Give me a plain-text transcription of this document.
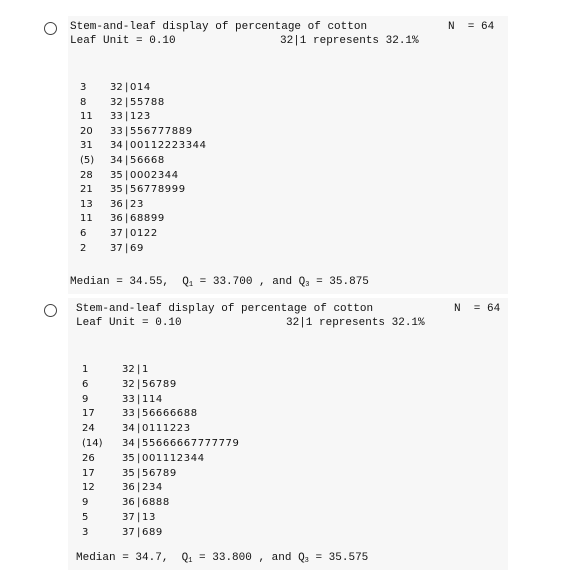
Stem-and-leaf display of percentage of cotton	N  = 64
Leaf Unit = 0.10	32|1 represents 32.1%
3	32 | 014
8	32 | 55788
11	33 | 123
20	33 | 556777889
31	34 | 00112223344
(5)	34 | 56668
28	35 | 0002344
21	35 | 56778999
13	36 | 23
11	36 | 68899
6	37 | 0122
2	37 | 69
Median = 34.55, $Q_1 = 33.700$ , and $Q_3 = 35.875$
Stem-and-leaf display of percentage of cotton	N  = 64
Leaf Unit = 0.10	32|1 represents 32.1%
1	32 | 1
6	32 | 56789
9	33 | 114
17	33 | 56666688
24	34 | 0111223
(14)	34 | 55666667777779
26	35 | 001112344
17	35 | 56789
12	36 | 234
9	36 | 6888
5	37 | 13
3	37 | 689
Median = 34.7, $Q_1 = 33.800$ , and $Q_3 = 35.575$
